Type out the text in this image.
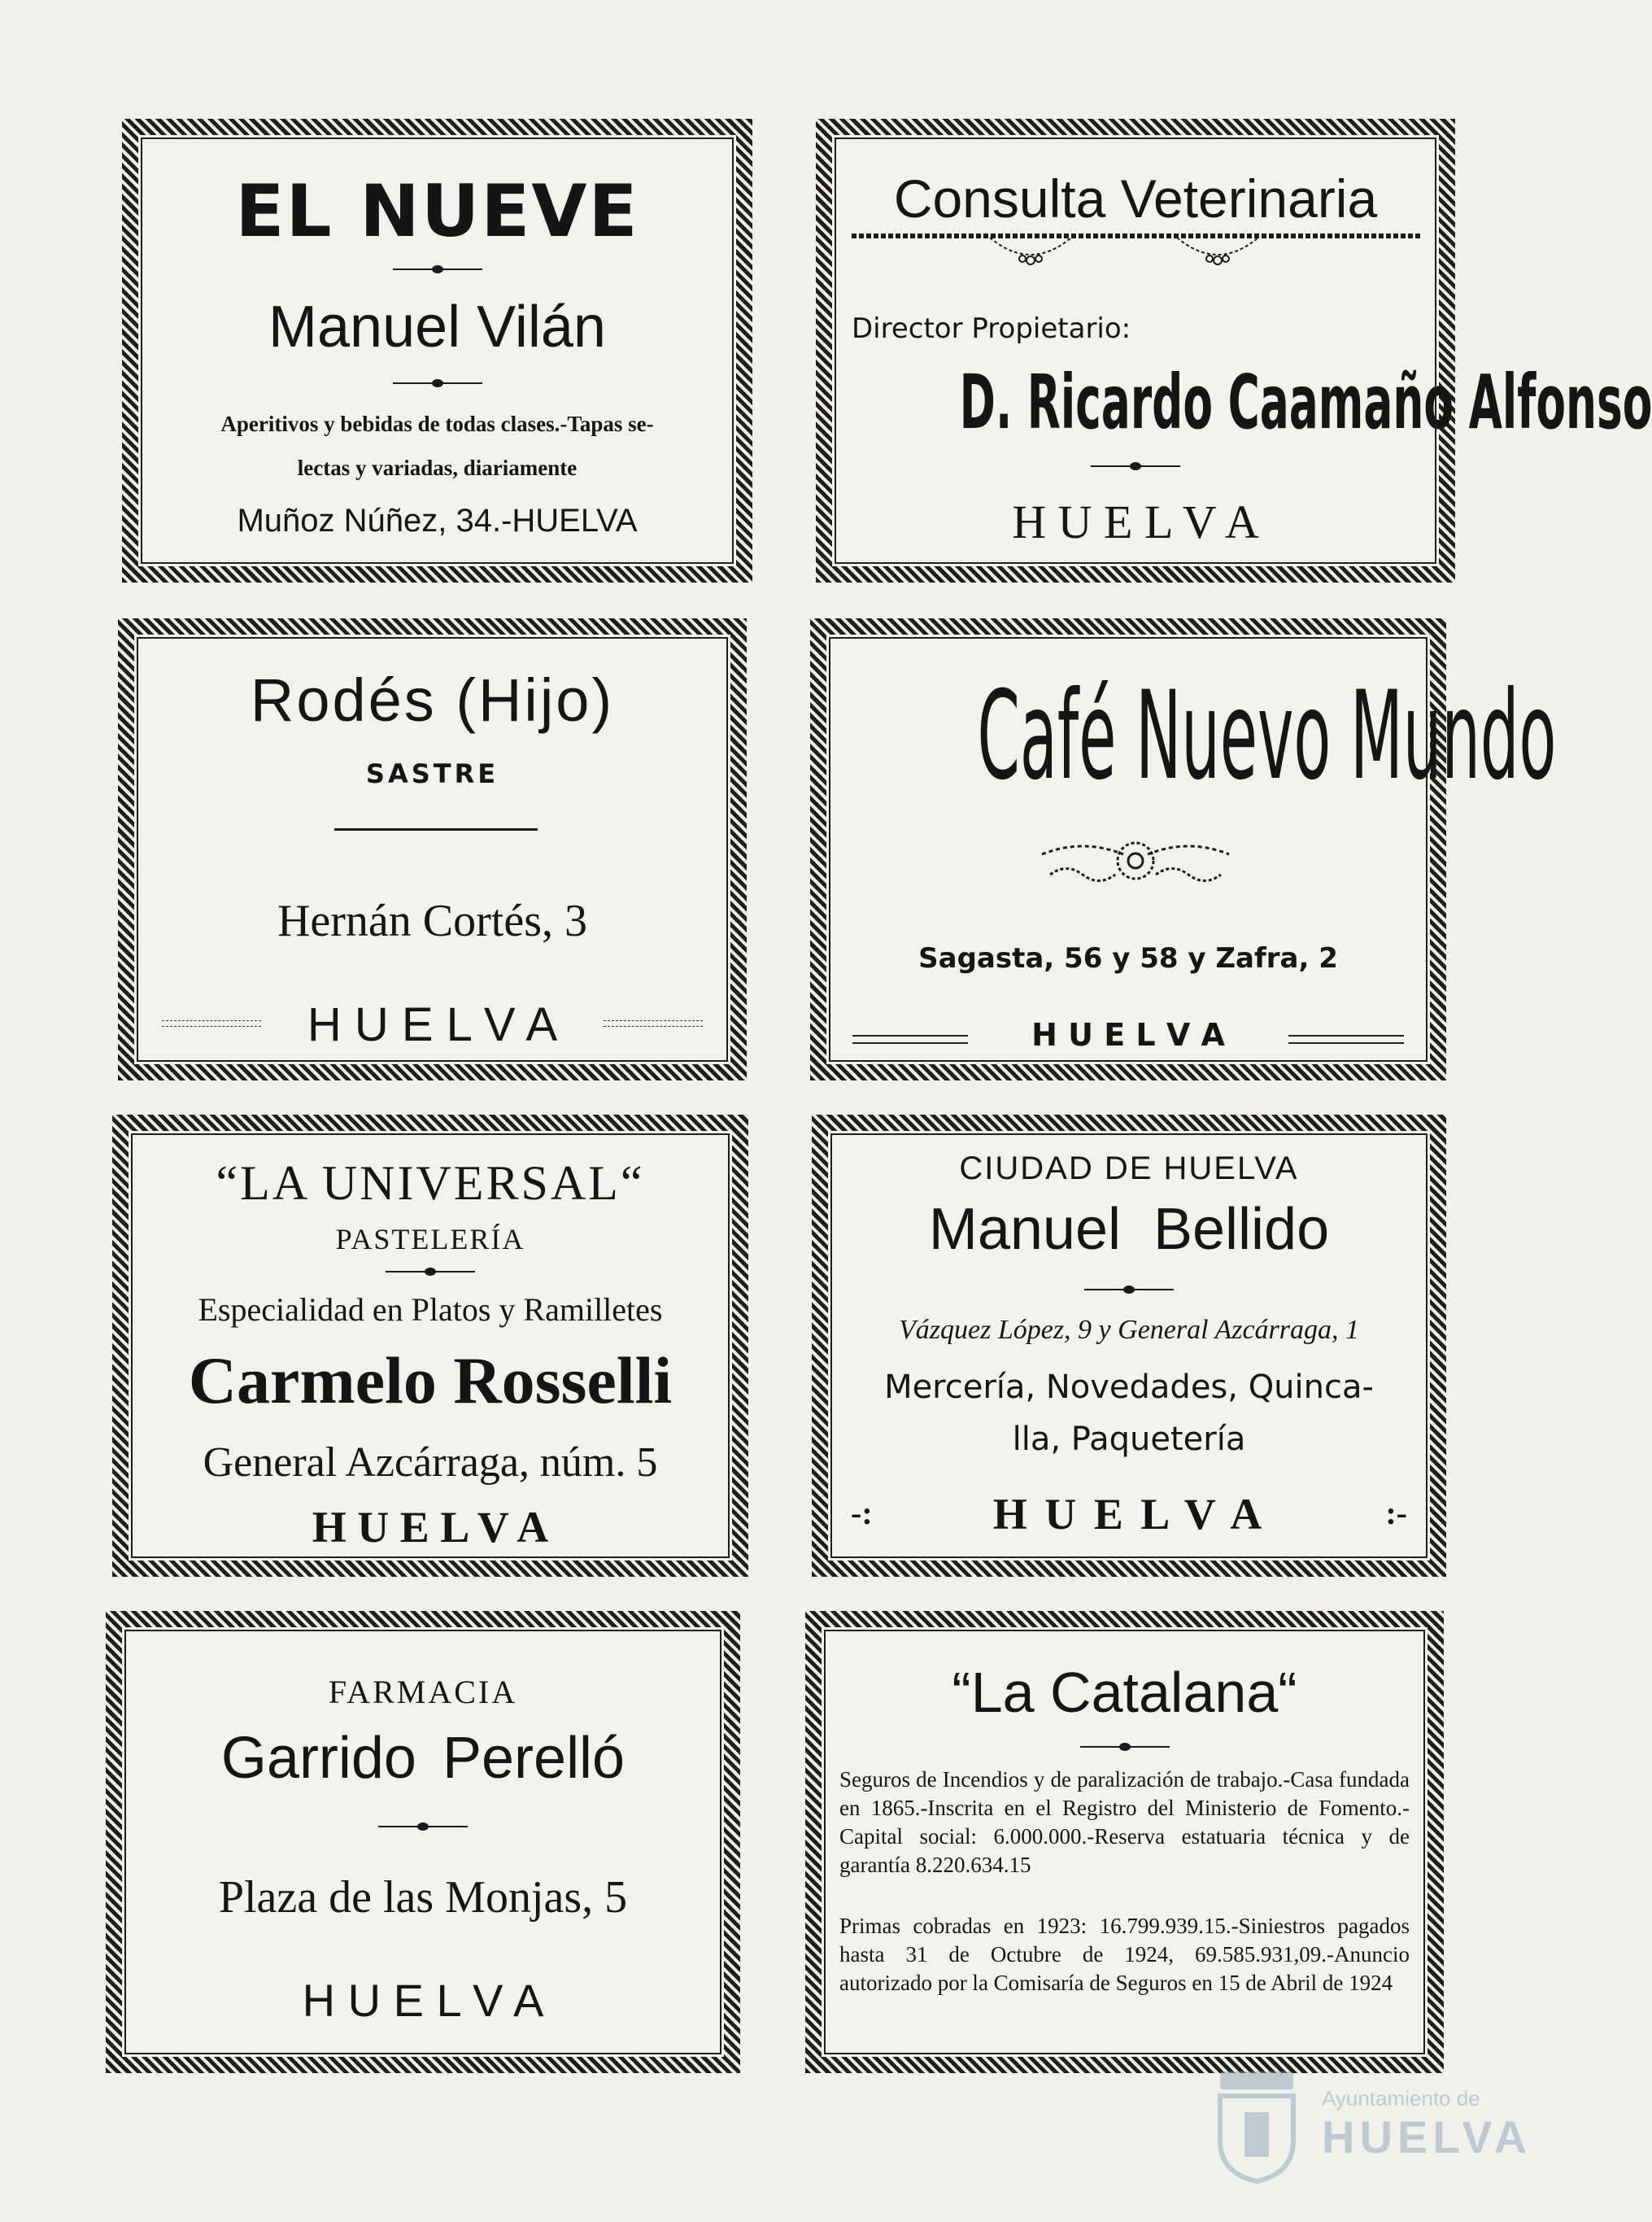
EL NUEVE
Manuel Vilán
Aperitivos y bebidas de todas clases.-Tapas se-
lectas y variadas, diariamente
Muñoz Núñez, 34.-HUELVA
Consulta Veterinaria
Director Propietario:
D. Ricardo Caamaño Alfonso
H U E L V A
Rodés (Hijo)
SASTRE
Hernán Cortés, 3
H U E L V A
Café Nuevo Mundo
Sagasta, 56 y 58 y Zafra, 2
H U E L V A
“LA UNIVERSAL“
PASTELERÍA
Especialidad en Platos y Ramilletes
Carmelo Rosselli
General Azcárraga, núm. 5
H U E L V A
CIUDAD DE HUELVA
Manuel Bellido
Vázquez López, 9 y General Azcárraga, 1
Mercería, Novedades, Quinca-
lla, Paquetería
-:	H U E L V A	:-
FARMACIA
Garrido Perelló
Plaza de las Monjas, 5
H U E L V A
“La Catalana“
Seguros de Incendios y de paralización de trabajo.-Casa fundada en 1865.-Inscrita en el Registro del Ministerio de Fomento.-Capital social: 6.000.000.-Reserva estatuaria técnica y de garantía 8.220.634.15
Primas cobradas en 1923: 16.799.939.15.-Siniestros pagados hasta 31 de Octubre de 1924, 69.585.931,09.-Anuncio autorizado por la Comisaría de Seguros en 15 de Abril de 1924
Ayuntamiento de
HUELVA
